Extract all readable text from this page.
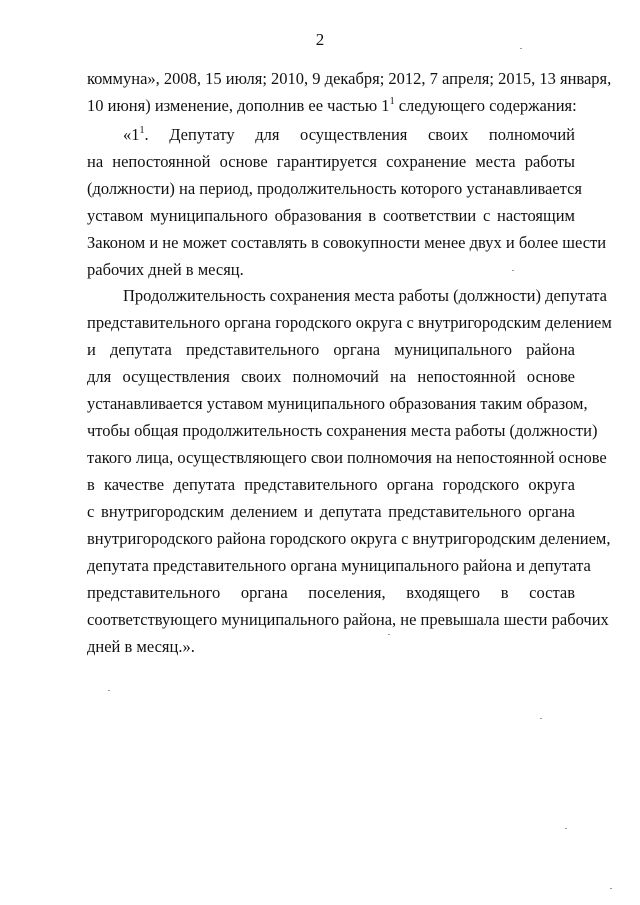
2
коммуна», 2008, 15 июля; 2010, 9 декабря; 2012, 7 апреля; 2015, 13 января,
10 июня) изменение, дополнив ее частью $1^1$ следующего содержания:
«$1^1$. Депутату для осуществления своих полномочий
на непостоянной основе гарантируется сохранение места работы
(должности) на период, продолжительность которого устанавливается
уставом муниципального образования в соответствии с настоящим
Законом и не может составлять в совокупности менее двух и более шести
рабочих дней в месяц.
Продолжительность сохранения места работы (должности) депутата
представительного органа городского округа с внутригородским делением
и депутата представительного органа муниципального района
для осуществления своих полномочий на непостоянной основе
устанавливается уставом муниципального образования таким образом,
чтобы общая продолжительность сохранения места работы (должности)
такого лица, осуществляющего свои полномочия на непостоянной основе
в качестве депутата представительного органа городского округа
с внутригородским делением и депутата представительного органа
внутригородского района городского округа с внутригородским делением,
депутата представительного органа муниципального района и депутата
представительного органа поселения, входящего в состав
соответствующего муниципального района, не превышала шести рабочих
дней в месяц.».
